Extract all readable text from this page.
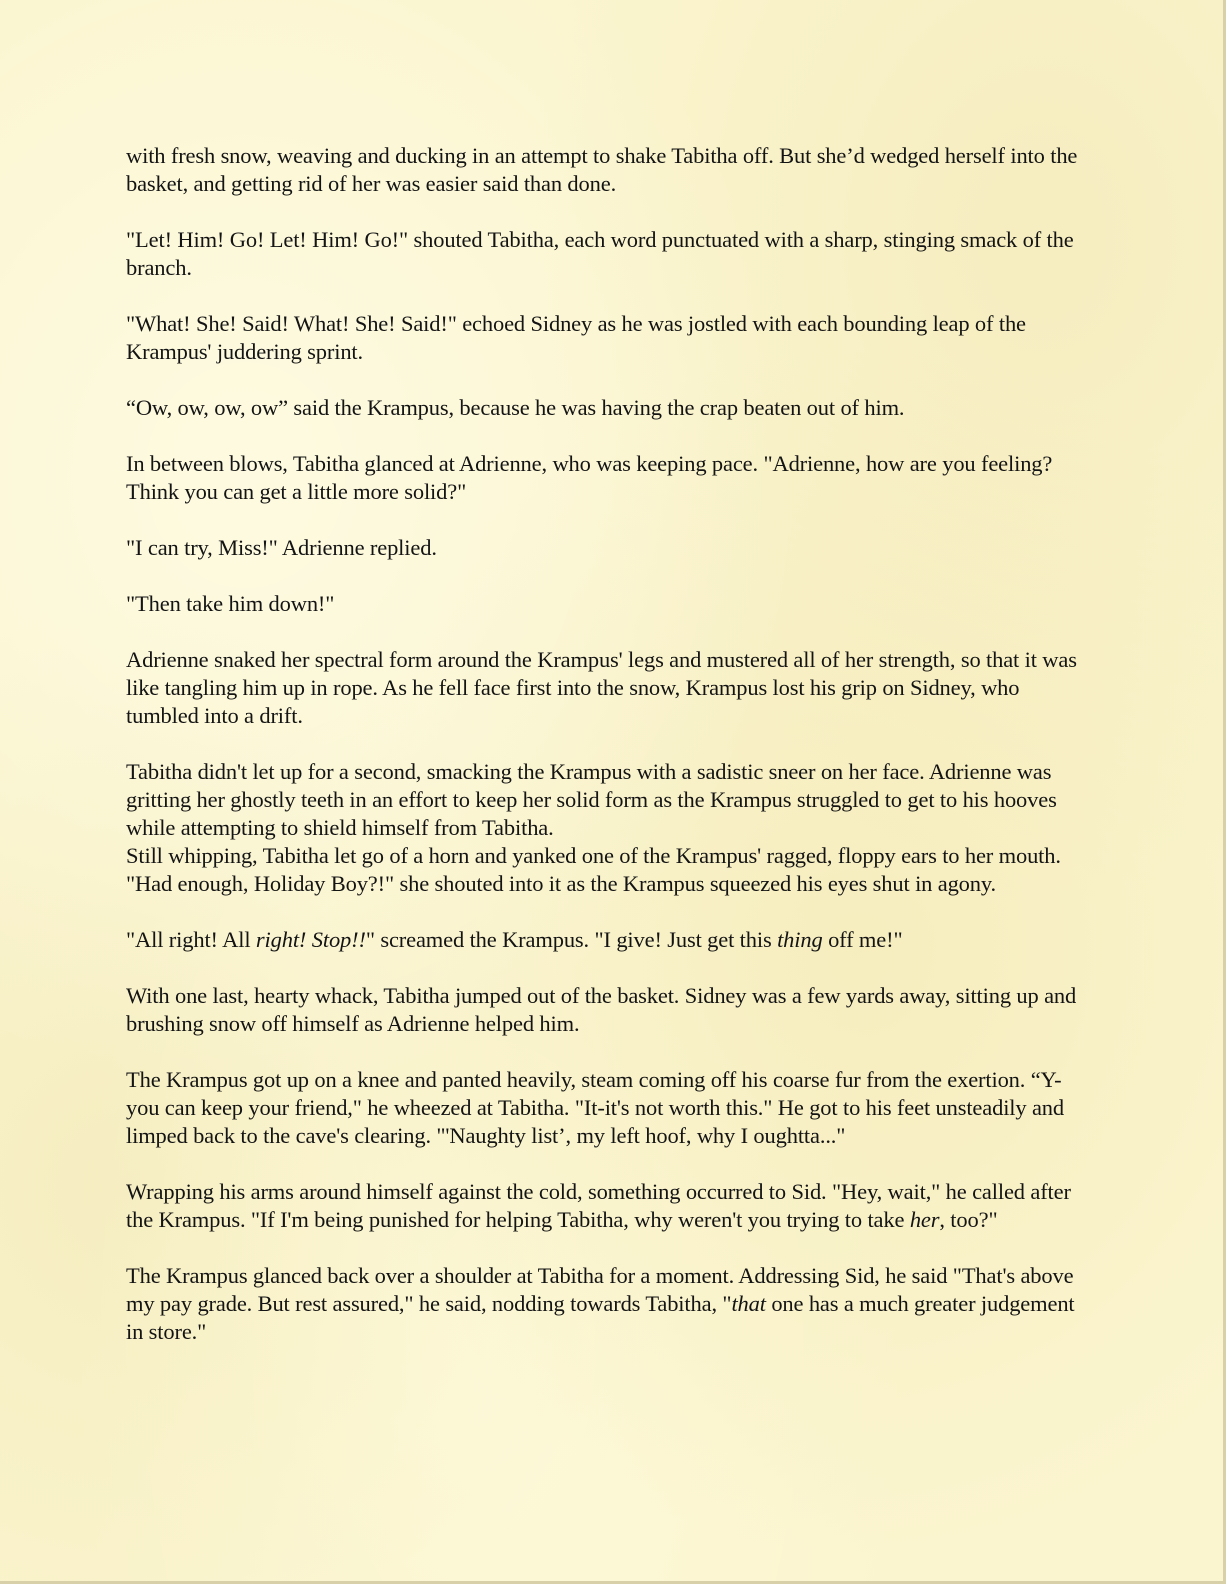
with fresh snow, weaving and ducking in an attempt to shake Tabitha off. But she’d wedged herself into the basket, and getting rid of her was easier said than done.

"Let! Him! Go! Let! Him! Go!" shouted Tabitha, each word punctuated with a sharp, stinging smack of the branch.

"What! She! Said! What! She! Said!" echoed Sidney as he was jostled with each bounding leap of the Krampus' juddering sprint.

“Ow, ow, ow, ow” said the Krampus, because he was having the crap beaten out of him.

In between blows, Tabitha glanced at Adrienne, who was keeping pace. "Adrienne, how are you feeling? Think you can get a little more solid?"

"I can try, Miss!" Adrienne replied.

"Then take him down!"

Adrienne snaked her spectral form around the Krampus' legs and mustered all of her strength, so that it was like tangling him up in rope. As he fell face first into the snow, Krampus lost his grip on Sidney, who tumbled into a drift.

Tabitha didn't let up for a second, smacking the Krampus with a sadistic sneer on her face. Adrienne was gritting her ghostly teeth in an effort to keep her solid form as the Krampus struggled to get to his hooves while attempting to shield himself from Tabitha.

Still whipping, Tabitha let go of a horn and yanked one of the Krampus' ragged, floppy ears to her mouth. "Had enough, Holiday Boy?!" she shouted into it as the Krampus squeezed his eyes shut in agony.

"All right! All right! Stop!!" screamed the Krampus. "I give! Just get this thing off me!"

With one last, hearty whack, Tabitha jumped out of the basket. Sidney was a few yards away, sitting up and brushing snow off himself as Adrienne helped him.

The Krampus got up on a knee and panted heavily, steam coming off his coarse fur from the exertion. “Y-you can keep your friend," he wheezed at Tabitha. "It-it's not worth this." He got to his feet unsteadily and limped back to the cave's clearing. "'Naughty list’, my left hoof, why I oughtta..."

Wrapping his arms around himself against the cold, something occurred to Sid. "Hey, wait," he called after the Krampus. "If I'm being punished for helping Tabitha, why weren't you trying to take her, too?"

The Krampus glanced back over a shoulder at Tabitha for a moment. Addressing Sid, he said "That's above my pay grade. But rest assured," he said, nodding towards Tabitha, "that one has a much greater judgement in store."
